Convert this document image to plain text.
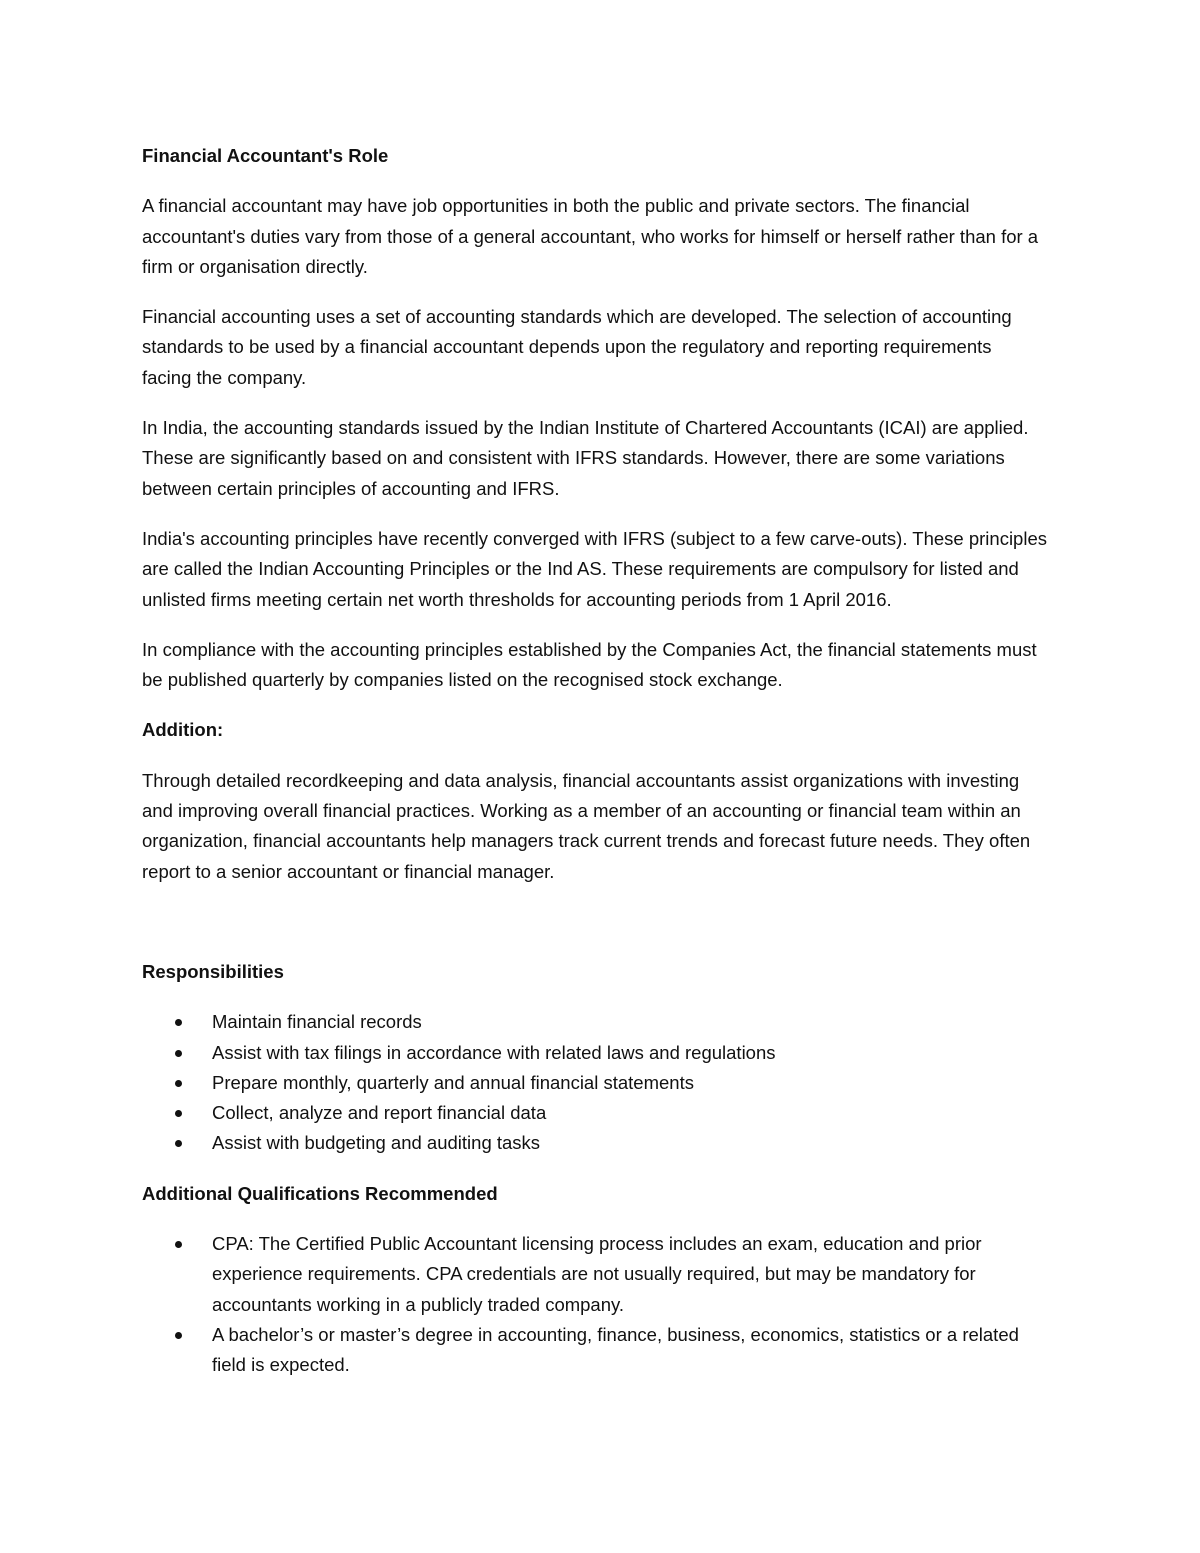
Financial Accountant's Role

A financial accountant may have job opportunities in both the public and private sectors. The financial accountant's duties vary from those of a general accountant, who works for himself or herself rather than for a firm or organisation directly.

Financial accounting uses a set of accounting standards which are developed. The selection of accounting standards to be used by a financial accountant depends upon the regulatory and reporting requirements facing the company.

In India, the accounting standards issued by the Indian Institute of Chartered Accountants (ICAI) are applied. These are significantly based on and consistent with IFRS standards. However, there are some variations between certain principles of accounting and IFRS.

India's accounting principles have recently converged with IFRS (subject to a few carve-outs). These principles are called the Indian Accounting Principles or the Ind AS. These requirements are compulsory for listed and unlisted firms meeting certain net worth thresholds for accounting periods from 1 April 2016.

In compliance with the accounting principles established by the Companies Act, the financial statements must be published quarterly by companies listed on the recognised stock exchange.

Addition:

Through detailed recordkeeping and data analysis, financial accountants assist organizations with investing and improving overall financial practices. Working as a member of an accounting or financial team within an organization, financial accountants help managers track current trends and forecast future needs. They often report to a senior accountant or financial manager.

Responsibilities

Maintain financial records
Assist with tax filings in accordance with related laws and regulations
Prepare monthly, quarterly and annual financial statements
Collect, analyze and report financial data
Assist with budgeting and auditing tasks

Additional Qualifications Recommended

CPA: The Certified Public Accountant licensing process includes an exam, education and prior experience requirements. CPA credentials are not usually required, but may be mandatory for accountants working in a publicly traded company.
A bachelor’s or master’s degree in accounting, finance, business, economics, statistics or a related field is expected.
